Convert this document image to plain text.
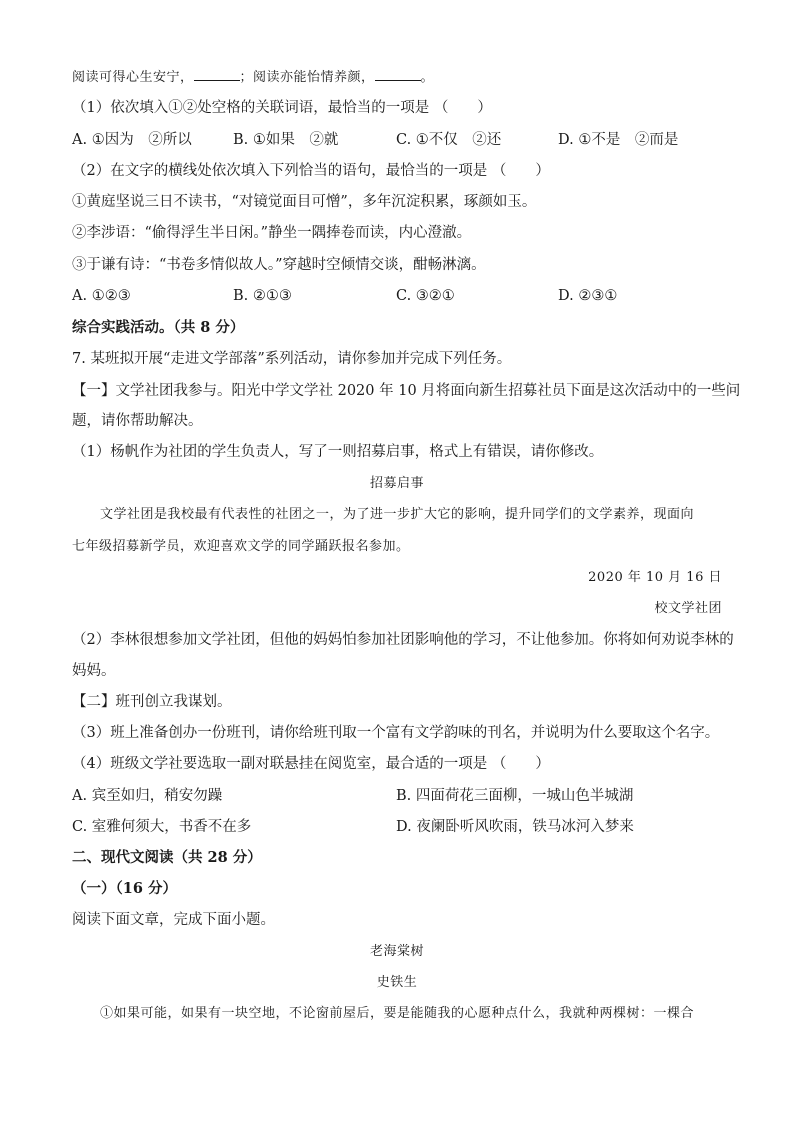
阅读可得心生安宁，	；阅读亦能怡情养颜，	。
（1）依次填入①②处空格的关联词语，最恰当的一项是 （　　）
A. ①因为　②所以	B. ①如果　②就	C. ①不仅　②还	D. ①不是　②而是
（2）在文字的横线处依次填入下列恰当的语句，最恰当的一项是 （　　）
①黄庭坚说三日不读书，“对镜觉面目可憎”，多年沉淀积累，琢颜如玉。
②李涉语：“偷得浮生半日闲。”静坐一隅捧卷而读，内心澄澈。
③于谦有诗：“书卷多情似故人。”穿越时空倾情交谈，酣畅淋漓。
A. ①②③	B. ②①③	C. ③②①	D. ②③①
综合实践活动。（共 8 分）
7. 某班拟开展“走进文学部落”系列活动，请你参加并完成下列任务。
【一】文学社团我参与。阳光中学文学社 2020 年 10 月将面向新生招募社员下面是这次活动中的一些问
题，请你帮助解决。
（1）杨帆作为社团的学生负责人，写了一则招募启事，格式上有错误，请你修改。
招募启事
文学社团是我校最有代表性的社团之一，为了进一步扩大它的影响，提升同学们的文学素养，现面向
七年级招募新学员，欢迎喜欢文学的同学踊跃报名参加。
2020 年 10 月 16 日
校文学社团
（2）李林很想参加文学社团，但他的妈妈怕参加社团影响他的学习，不让他参加。你将如何劝说李林的
妈妈。
【二】班刊创立我谋划。
（3）班上准备创办一份班刊，请你给班刊取一个富有文学韵味的刊名，并说明为什么要取这个名字。
（4）班级文学社要选取一副对联悬挂在阅览室，最合适的一项是 （　　）
A. 宾至如归，稍安勿躁	B. 四面荷花三面柳，一城山色半城湖
C. 室雅何须大，书香不在多	D. 夜阑卧听风吹雨，铁马冰河入梦来
二、现代文阅读（共 28 分）
（一）（16 分）
阅读下面文章，完成下面小题。
老海棠树
史铁生
①如果可能，如果有一块空地，不论窗前屋后，要是能随我的心愿种点什么，我就种两棵树：一棵合
